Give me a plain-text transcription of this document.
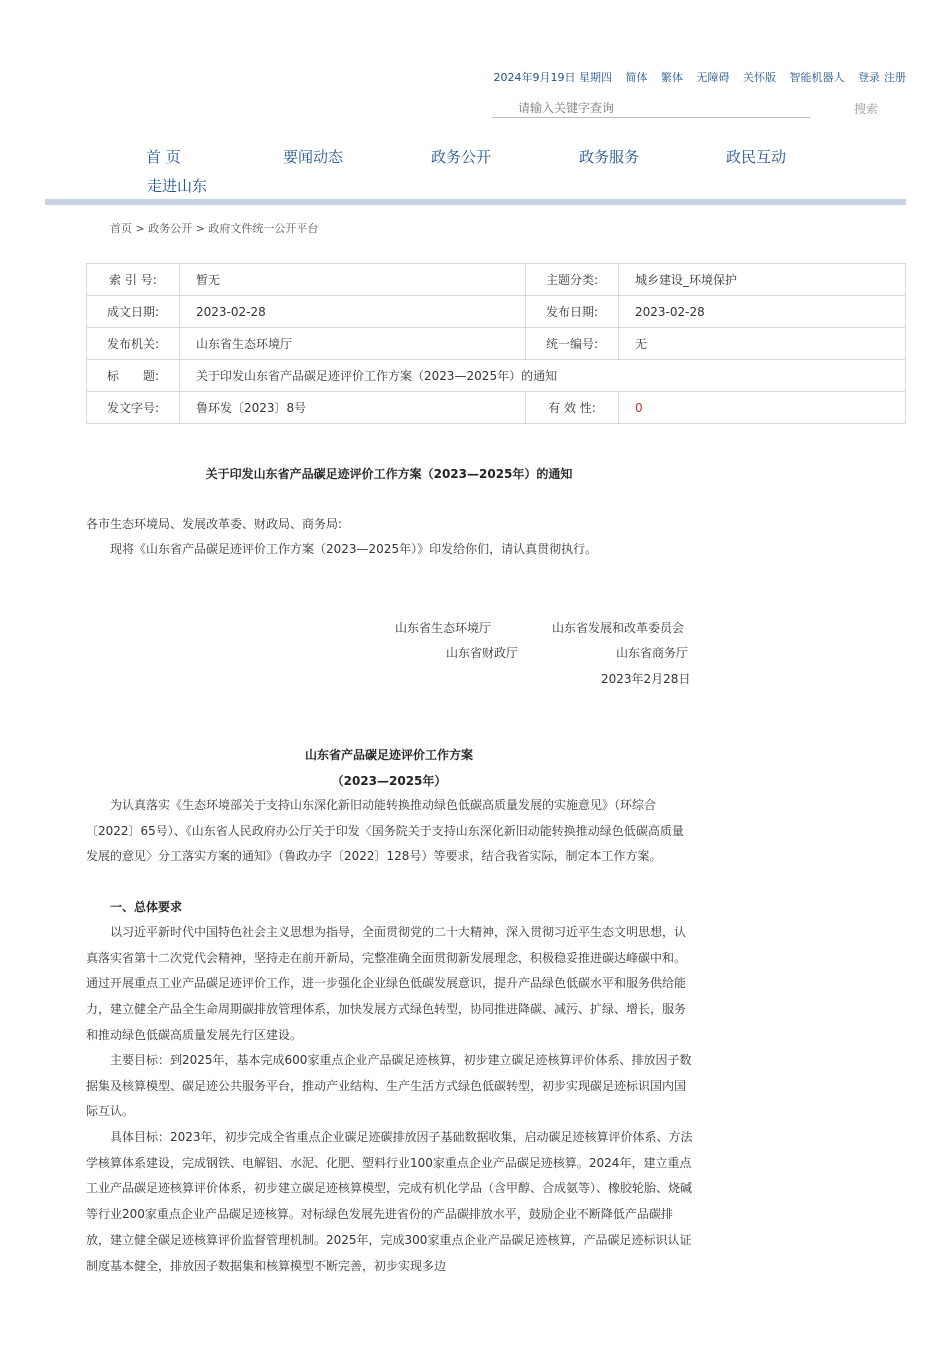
2024年9月19日 星期四 简体 繁体 无障碍 关怀版 智能机器人 登录 注册
请输入关键字查询
搜索
首 页	要闻动态	政务公开	政务服务	政民互动
走进山东
首页 > 政务公开 > 政府文件统一公开平台
索 引 号:	暂无	主题分类:	城乡建设_环境保护
成文日期:	2023-02-28	发布日期:	2023-02-28
发布机关:	山东省生态环境厅	统一编号:	无
标　　题:	关于印发山东省产品碳足迹评价工作方案（2023—2025年）的通知		
发文字号:	鲁环发〔2023〕8号	有 效 性:	0
关于印发山东省产品碳足迹评价工作方案（2023—2025年）的通知
各市生态环境局、发展改革委、财政局、商务局:
现将《山东省产品碳足迹评价工作方案（2023—2025年）》印发给你们，请认真贯彻执行。
山东省生态环境厅	山东省发展和改革委员会
山东省财政厅	山东省商务厅
2023年2月28日
山东省产品碳足迹评价工作方案
（2023—2025年）
为认真落实《生态环境部关于支持山东深化新旧动能转换推动绿色低碳高质量发展的实施意见》（环综合〔2022〕65号）、《山东省人民政府办公厅关于印发〈国务院关于支持山东深化新旧动能转换推动绿色低碳高质量发展的意见〉分工落实方案的通知》（鲁政办字〔2022〕128号）等要求，结合我省实际，制定本工作方案。
一、总体要求
以习近平新时代中国特色社会主义思想为指导，全面贯彻党的二十大精神，深入贯彻习近平生态文明思想，认真落实省第十二次党代会精神，坚持走在前开新局，完整准确全面贯彻新发展理念，积极稳妥推进碳达峰碳中和。通过开展重点工业产品碳足迹评价工作，进一步强化企业绿色低碳发展意识，提升产品绿色低碳水平和服务供给能力，建立健全产品全生命周期碳排放管理体系，加快发展方式绿色转型，协同推进降碳、减污、扩绿、增长，服务和推动绿色低碳高质量发展先行区建设。
主要目标：到2025年，基本完成600家重点企业产品碳足迹核算，初步建立碳足迹核算评价体系、排放因子数据集及核算模型、碳足迹公共服务平台，推动产业结构、生产生活方式绿色低碳转型，初步实现碳足迹标识国内国际互认。
具体目标：2023年，初步完成全省重点企业碳足迹碳排放因子基础数据收集，启动碳足迹核算评价体系、方法学核算体系建设，完成钢铁、电解铝、水泥、化肥、塑料行业100家重点企业产品碳足迹核算。2024年，建立重点工业产品碳足迹核算评价体系，初步建立碳足迹核算模型，完成有机化学品（含甲醇、合成氨等）、橡胶轮胎、烧碱等行业200家重点企业产品碳足迹核算。对标绿色发展先进省份的产品碳排放水平，鼓励企业不断降低产品碳排放，建立健全碳足迹核算评价监督管理机制。2025年，完成300家重点企业产品碳足迹核算，产品碳足迹标识认证制度基本健全，排放因子数据集和核算模型不断完善，初步实现多边
